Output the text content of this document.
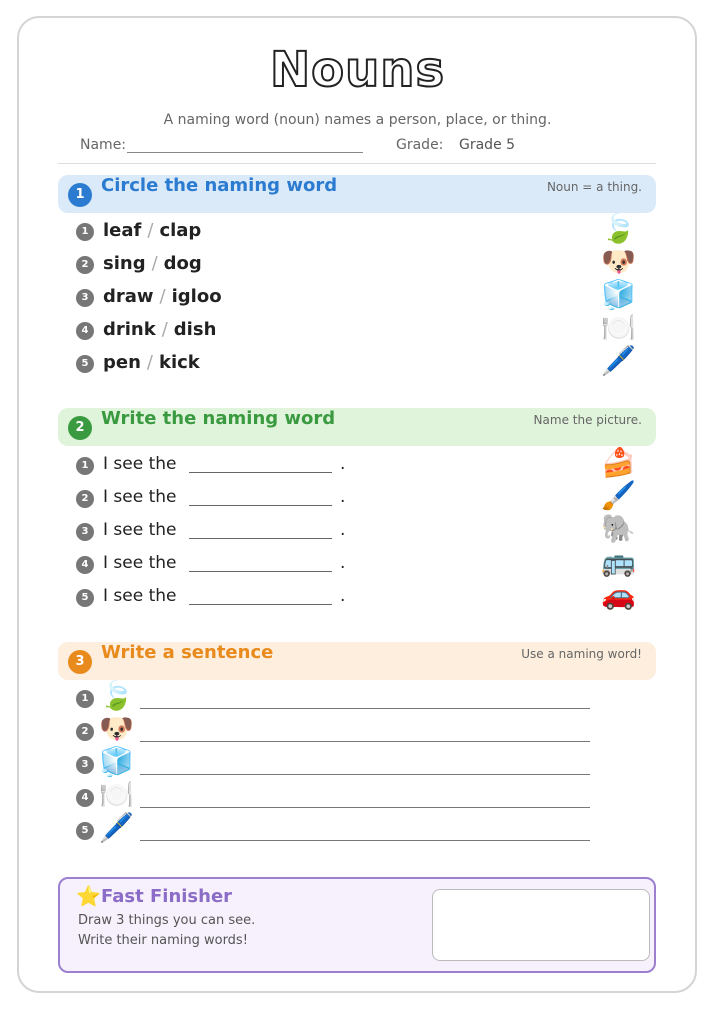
Nouns
A naming word (noun) names a person, place, or thing.
Name:	Grade: Grade 5
1 Circle the naming word	Noun = a thing.
1 leaf / clap	🍃
2 sing / dog	🐶
3 draw / igloo	🧊
4 drink / dish	🍽️
5 pen / kick	🖊️
2 Write the naming word	Name the picture.
1 I see the	.	🍰
2 I see the	.	🖌️
3 I see the	.	🐘
4 I see the	.	🚌
5 I see the	.	🚗
3 Write a sentence	Use a naming word!
1 🍃
2 🐶
3 🧊
4 🍽️
5 🖊️
⭐ Fast Finisher
Draw 3 things you can see.
Write their naming words!
